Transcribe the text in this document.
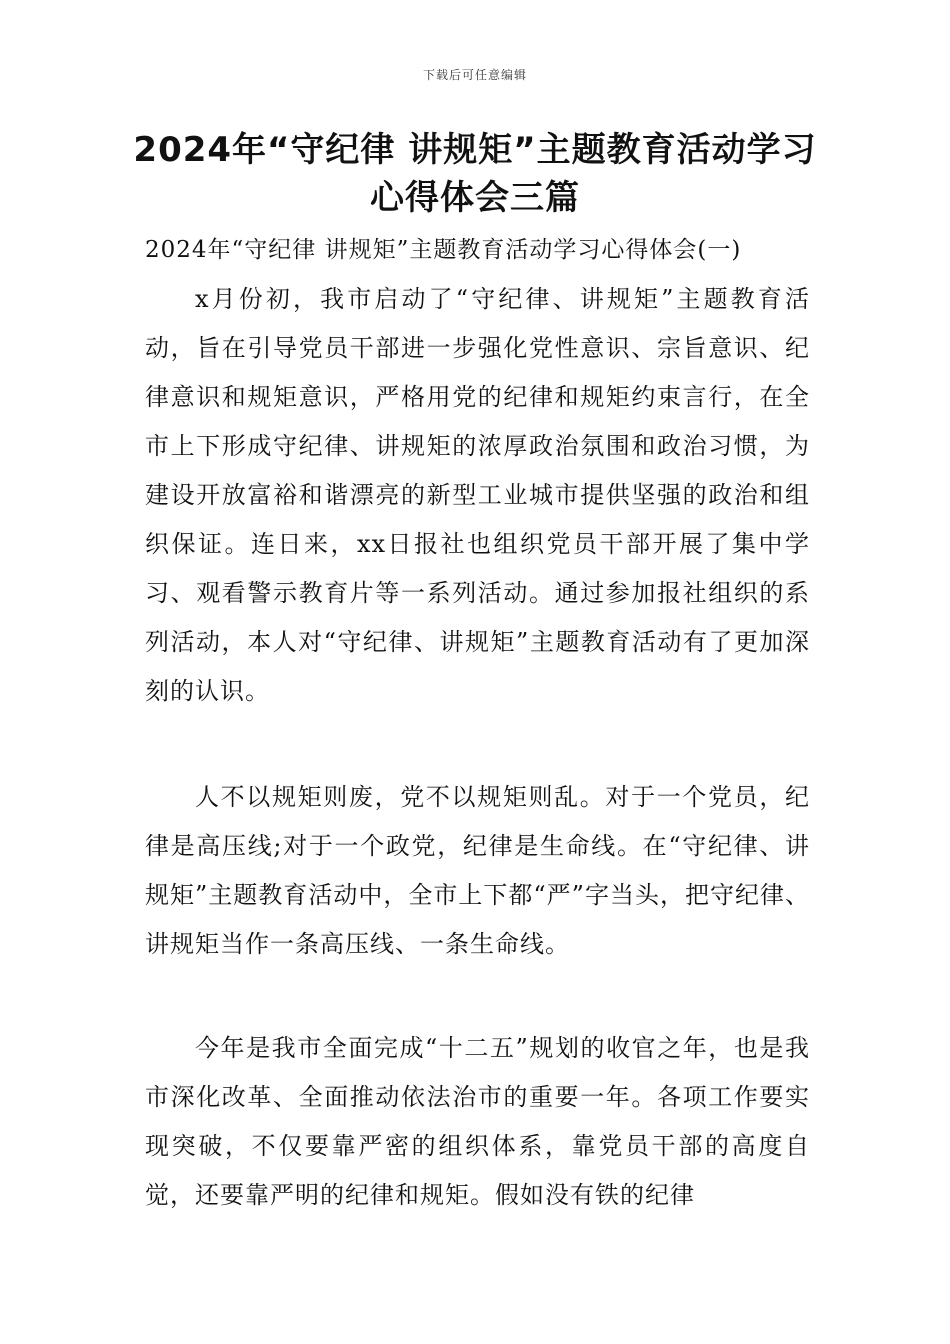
下载后可任意编辑
2024年“守纪律 讲规矩”主题教育活动学习心得体会三篇
2024年“守纪律 讲规矩”主题教育活动学习心得体会(一)

x月份初，我市启动了“守纪律、讲规矩”主题教育活动，旨在引导党员干部进一步强化党性意识、宗旨意识、纪律意识和规矩意识，严格用党的纪律和规矩约束言行，在全市上下形成守纪律、讲规矩的浓厚政治氛围和政治习惯，为建设开放富裕和谐漂亮的新型工业城市提供坚强的政治和组织保证。连日来，xx日报社也组织党员干部开展了集中学习、观看警示教育片等一系列活动。通过参加报社组织的系列活动，本人对“守纪律、讲规矩”主题教育活动有了更加深刻的认识。

人不以规矩则废，党不以规矩则乱。对于一个党员，纪律是高压线;对于一个政党，纪律是生命线。在“守纪律、讲规矩”主题教育活动中，全市上下都“严”字当头，把守纪律、讲规矩当作一条高压线、一条生命线。

今年是我市全面完成“十二五”规划的收官之年，也是我市深化改革、全面推动依法治市的重要一年。各项工作要实现突破，不仅要靠严密的组织体系，靠党员干部的高度自觉，还要靠严明的纪律和规矩。假如没有铁的纪律
